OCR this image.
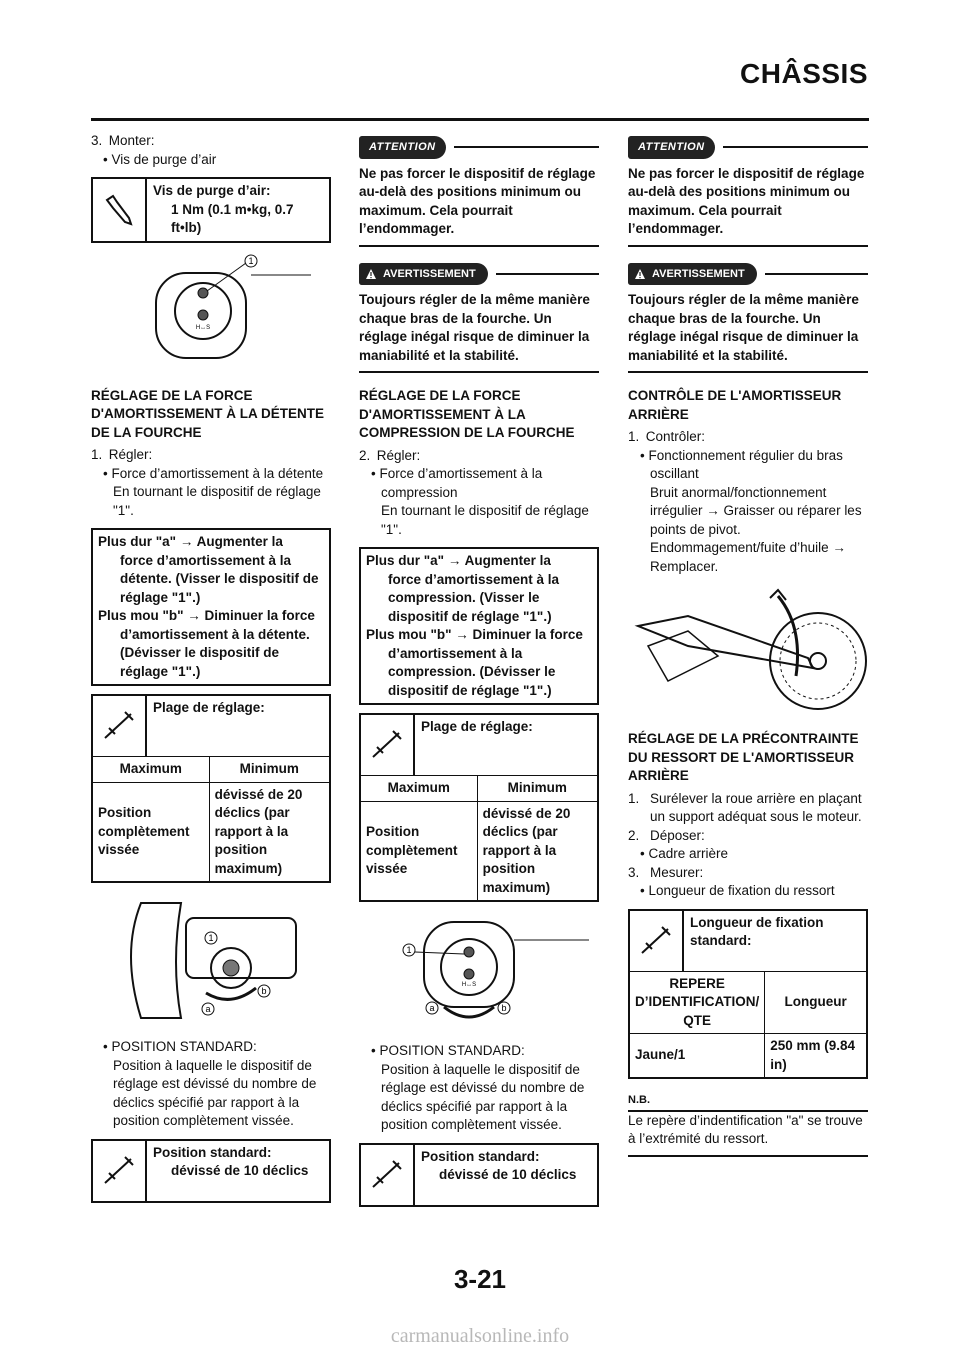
CHÂSSIS

3. Monter:

• Vis de purge d’air

Vis de purge d’air:
1 Nm (0.1 m•kg, 0.7 ft•lb)
1
H↔S
RÉGLAGE DE LA FORCE D'AMORTISSEMENT À LA DÉTENTE DE LA FOURCHE

1. Régler:

• Force d’amortissement à la détente

En tournant le dispositif de réglage "1".
Plus dur "a" → Augmenter la
force d’amortissement à la détente. (Visser le dispositif de réglage "1".)
Plus mou "b" → Diminuer la force
d’amortissement à la détente. (Dévisser le dispositif de réglage "1".)
Plage de réglage:
Maximum	Minimum
Position complètement vissée	dévissé de 20 déclics (par rapport à la position maximum)
1
b
a

• POSITION STANDARD:

Position à laquelle le dispositif de réglage est dévissé du nombre de déclics spécifié par rapport à la position complètement vissée.
Position standard:
dévissé de 10 déclics
ATTENTION
Ne pas forcer le dispositif de réglage au-delà des positions minimum ou maximum. Cela pourrait l’endommager.
AVERTISSEMENT
Toujours régler de la même manière chaque bras de la fourche. Un réglage inégal risque de diminuer la maniabilité et la stabilité.
RÉGLAGE DE LA FORCE D'AMORTISSEMENT À LA COMPRESSION DE LA FOURCHE

2. Régler:

• Force d’amortissement à la compression

En tournant le dispositif de réglage "1".
Plus dur "a" → Augmenter la
force d’amortissement à la compression. (Visser le dispositif de réglage "1".)
Plus mou "b" → Diminuer la force
d’amortissement à la compression. (Dévisser le dispositif de réglage "1".)
Plage de réglage:
Maximum	Minimum
Position complètement vissée	dévissé de 20 déclics (par rapport à la position maximum)
1
a	b
H↔S

• POSITION STANDARD:

Position à laquelle le dispositif de réglage est dévissé du nombre de déclics spécifié par rapport à la position complètement vissée.
Position standard:
dévissé de 10 déclics
ATTENTION
Ne pas forcer le dispositif de réglage au-delà des positions minimum ou maximum. Cela pourrait l’endommager.
AVERTISSEMENT
Toujours régler de la même manière chaque bras de la fourche. Un réglage inégal risque de diminuer la maniabilité et la stabilité.
CONTRÔLE DE L'AMORTISSEUR ARRIÈRE

1. Contrôler:

• Fonctionnement régulier du bras oscillant

Bruit anormal/fonctionnement irrégulier → Graisser ou réparer les points de pivot.
Endommagement/fuite d’huile → Remplacer.
RÉGLAGE DE LA PRÉCONTRAINTE DU RESSORT DE L'AMORTISSEUR ARRIÈRE
1. Surélever la roue arrière en plaçant un support adéquat sous le moteur.

2. Déposer:

• Cadre arrière

3. Mesurer:

• Longueur de fixation du ressort

Longueur de fixation standard:
REPERE D’IDENTIFICATION/ QTE	Longueur
Jaune/1	250 mm (9.84 in)
N.B.
Le repère d’indentification "a" se trouve à l’extrémité du ressort.
3-21
carmanualsonline.info
